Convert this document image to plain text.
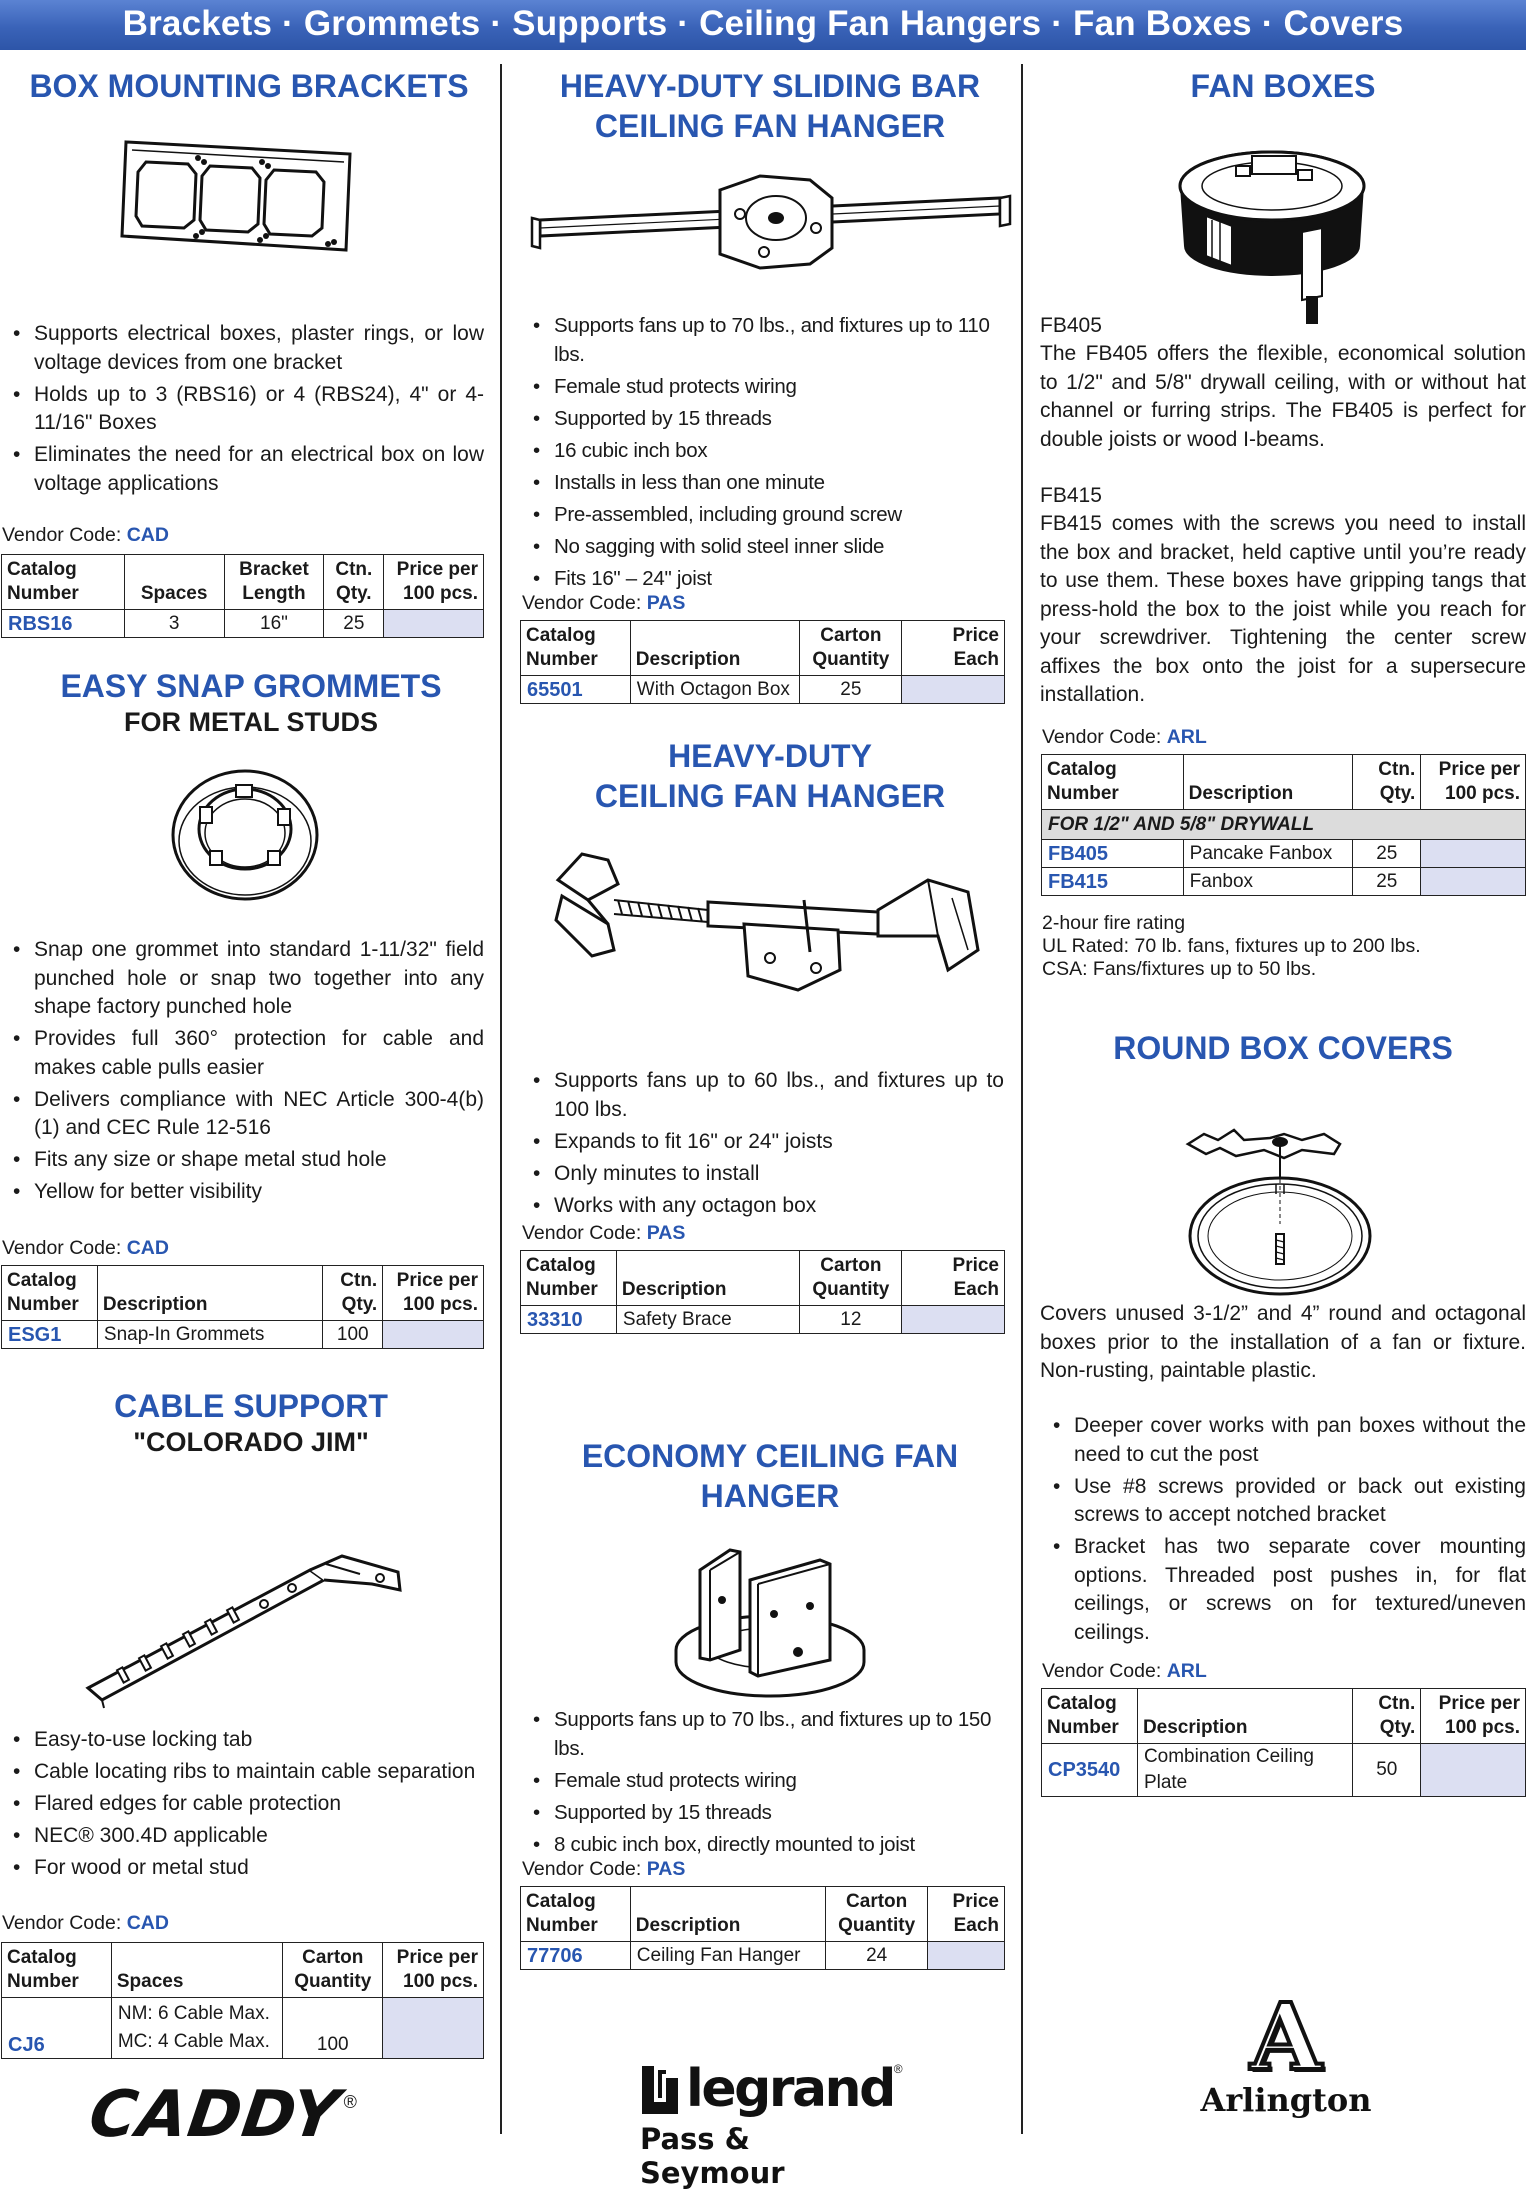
Brackets · Grommets · Supports · Ceiling Fan Hangers · Fan Boxes · Covers
BOX MOUNTING BRACKETS
• Supports electrical boxes, plaster rings, or low voltage devices from one bracket
• Holds up to 3 (RBS16) or 4 (RBS24), 4" or 4-11/16" Boxes
• Eliminates the need for an electrical box on low voltage applications
Vendor Code: CAD
Catalog Number	Spaces	Bracket Length	Ctn. Qty.	Price per 100 pcs.
RBS16	3	16"	25	
EASY SNAP GROMMETS
FOR METAL STUDS
• Snap one grommet into standard 1-11/32" field punched hole or snap two together into any shape factory punched hole
• Provides full 360° protection for cable and makes cable pulls easier
• Delivers compliance with NEC Article 300-4(b)(1) and CEC Rule 12-516
• Fits any size or shape metal stud hole
• Yellow for better visibility
Vendor Code: CAD
Catalog Number	Description	Ctn. Qty.	Price per 100 pcs.
ESG1	Snap-In Grommets	100	
CABLE SUPPORT
"COLORADO JIM"
• Easy-to-use locking tab
• Cable locating ribs to maintain cable separation
• Flared edges for cable protection
• NEC® 300.4D applicable
• For wood or metal stud
Vendor Code: CAD
Catalog Number	Spaces	Carton Quantity	Price per 100 pcs.
CJ6	NM: 6 Cable Max.
MC: 4 Cable Max.	100	
CADDY ®
HEAVY-DUTY SLIDING BAR
CEILING FAN HANGER
• Supports fans up to 70 lbs., and fixtures up to 110 lbs.
• Female stud protects wiring
• Supported by 15 threads
• 16 cubic inch box
• Installs in less than one minute
• Pre-assembled, including ground screw
• No sagging with solid steel inner slide
• Fits 16" – 24" joist
Vendor Code: PAS
Catalog Number	Description	Carton Quantity	Price Each
65501	With Octagon Box	25	
HEAVY-DUTY
CEILING FAN HANGER
• Supports fans up to 60 lbs., and fixtures up to 100 lbs.
• Expands to fit 16" or 24" joists
• Only minutes to install
• Works with any octagon box
Vendor Code: PAS
Catalog Number	Description	Carton Quantity	Price Each
33310	Safety Brace	12	
ECONOMY CEILING FAN
HANGER
• Supports fans up to 70 lbs., and fixtures up to 150 lbs.
• Female stud protects wiring
• Supported by 15 threads
• 8 cubic inch box, directly mounted to joist
Vendor Code: PAS
Catalog Number	Description	Carton Quantity	Price Each
77706	Ceiling Fan Hanger	24	
legrand ®
Pass & Seymour
FAN BOXES
FB405
The FB405 offers the flexible, economical solution to 1/2" and 5/8" drywall ceiling, with or without hat channel or furring strips. The FB405 is perfect for double joists or wood I-beams.
FB415
FB415 comes with the screws you need to install the box and bracket, held captive until you’re ready to use them. These boxes have gripping tangs that press-hold the box to the joist while you reach for your screwdriver. Tightening the center screw affixes the box onto the joist for a supersecure installation.
Vendor Code: ARL
Catalog Number	Description	Ctn. Qty.	Price per 100 pcs.
FOR 1/2" AND 5/8" DRYWALL			
FB405	Pancake Fanbox	25	
FB415	Fanbox	25	
2-hour fire rating
UL Rated: 70 lb. fans, fixtures up to 200 lbs.
CSA: Fans/fixtures up to 50 lbs.
ROUND BOX COVERS
Covers unused 3-1/2” and 4” round and octagonal boxes prior to the installation of a fan or fixture. Non-rusting, paintable plastic.
• Deeper cover works with pan boxes without the need to cut the post
• Use #8 screws provided or back out existing screws to accept notched bracket
• Bracket has two separate cover mounting options. Threaded post pushes in, for flat ceilings, or screws on for textured/uneven ceilings.
Vendor Code: ARL
Catalog Number	Description	Ctn. Qty.	Price per 100 pcs.
CP3540	Combination Ceiling Plate	50	
A
Arlington
